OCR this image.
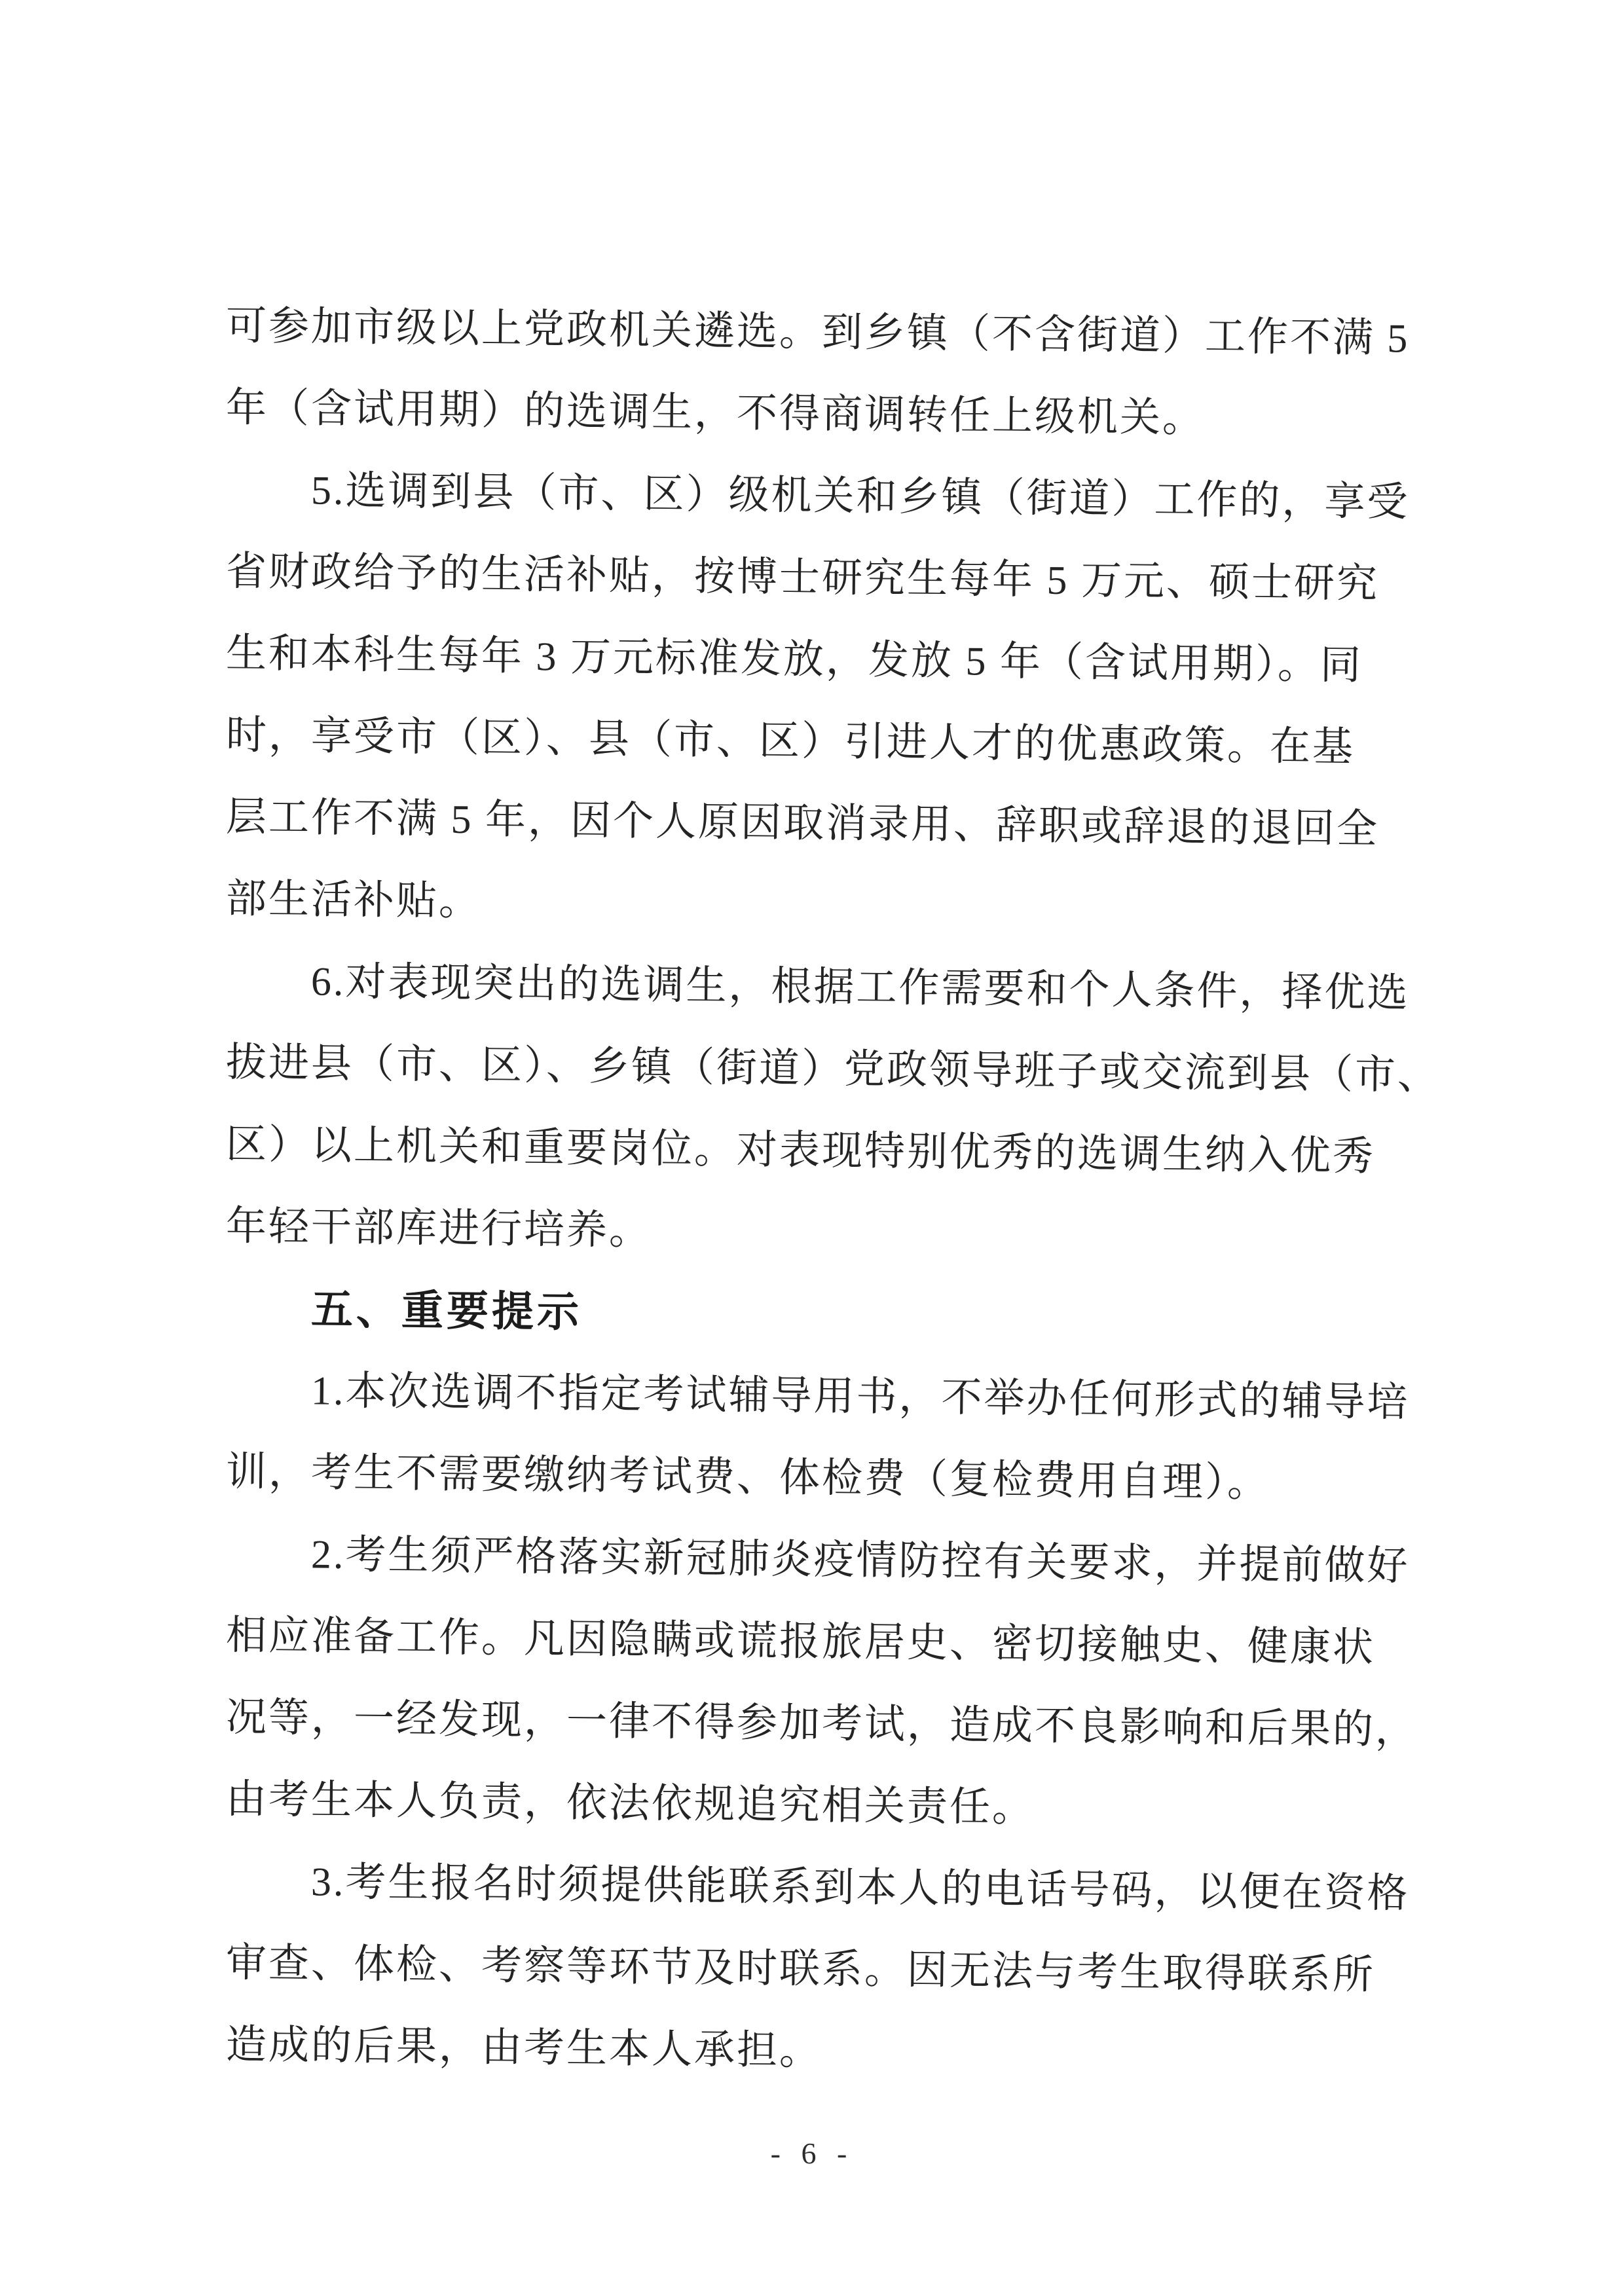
可参加市级以上党政机关遴选。到乡镇（不含街道）工作不满 5
年（含试用期）的选调生，不得商调转任上级机关。
5.选调到县（市、区）级机关和乡镇（街道）工作的，享受
省财政给予的生活补贴，按博士研究生每年 5 万元、硕士研究
生和本科生每年 3 万元标准发放，发放 5 年（含试用期）。同
时，享受市（区）、县（市、区）引进人才的优惠政策。在基
层工作不满 5 年，因个人原因取消录用、辞职或辞退的退回全
部生活补贴。
6.对表现突出的选调生，根据工作需要和个人条件，择优选
拔进县（市、区）、乡镇（街道）党政领导班子或交流到县（市、
区）以上机关和重要岗位。对表现特别优秀的选调生纳入优秀
年轻干部库进行培养。
五、重要提示
1.本次选调不指定考试辅导用书，不举办任何形式的辅导培
训，考生不需要缴纳考试费、体检费（复检费用自理）。
2.考生须严格落实新冠肺炎疫情防控有关要求，并提前做好
相应准备工作。凡因隐瞒或谎报旅居史、密切接触史、健康状
况等，一经发现，一律不得参加考试，造成不良影响和后果的，
由考生本人负责，依法依规追究相关责任。
3.考生报名时须提供能联系到本人的电话号码，以便在资格
审查、体检、考察等环节及时联系。因无法与考生取得联系所
造成的后果，由考生本人承担。
- 6 -
